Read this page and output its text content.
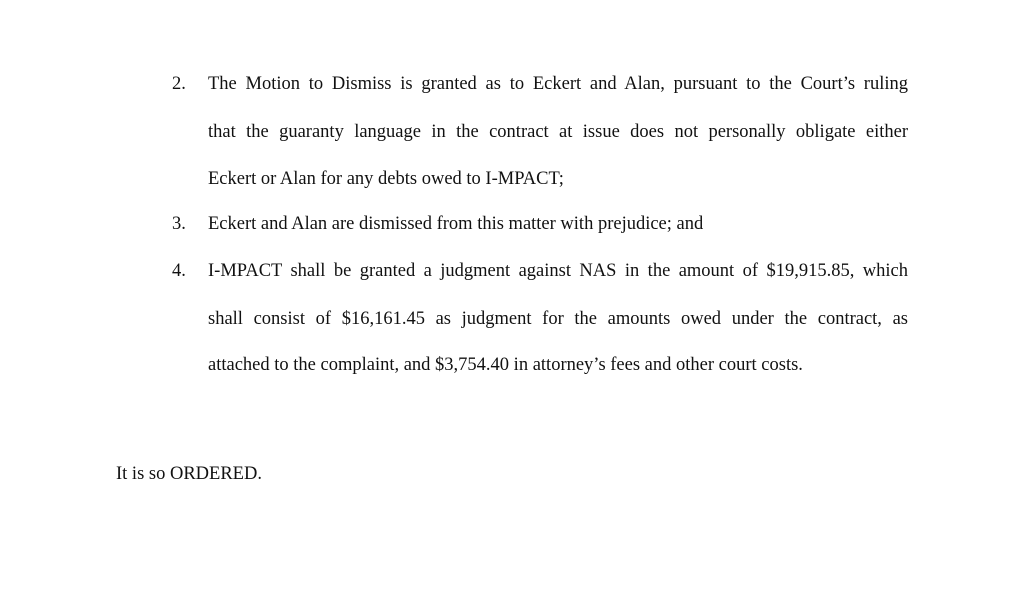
2.	The Motion to Dismiss is granted as to Eckert and Alan, pursuant to the Court’s ruling
that the guaranty language in the contract at issue does not personally obligate either
Eckert or Alan for any debts owed to I-MPACT;
3.	Eckert and Alan are dismissed from this matter with prejudice; and
4.	I-MPACT shall be granted a judgment against NAS in the amount of $19,915.85, which
shall consist of $16,161.45 as judgment for the amounts owed under the contract, as
attached to the complaint, and $3,754.40 in attorney’s fees and other court costs.
It is so ORDERED.
